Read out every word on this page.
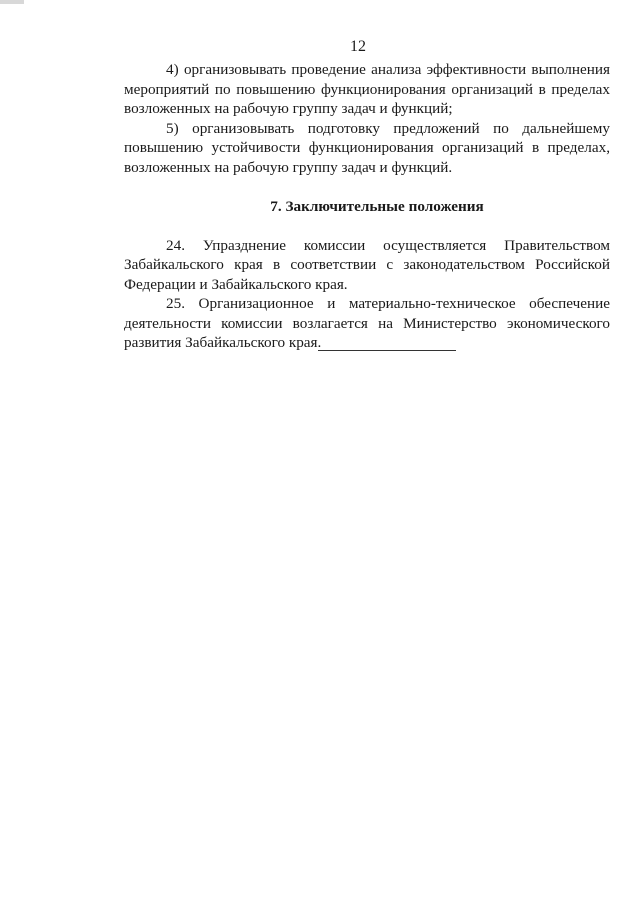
12

4) организовывать проведение анализа эффективности выполнения мероприятий по повышению функционирования организаций в пределах возложенных на рабочую группу задач и функций;

5) организовывать подготовку предложений по дальнейшему повышению устойчивости функционирования организаций в пределах, возложенных на рабочую группу задач и функций.

7. Заключительные положения

24. Упразднение комиссии осуществляется Правительством Забайкальского края в соответствии с законодательством Российской Федерации и Забайкальского края.

25. Организационное и материально-техническое обеспечение деятельности комиссии возлагается на Министерство экономического развития Забайкальского края.
